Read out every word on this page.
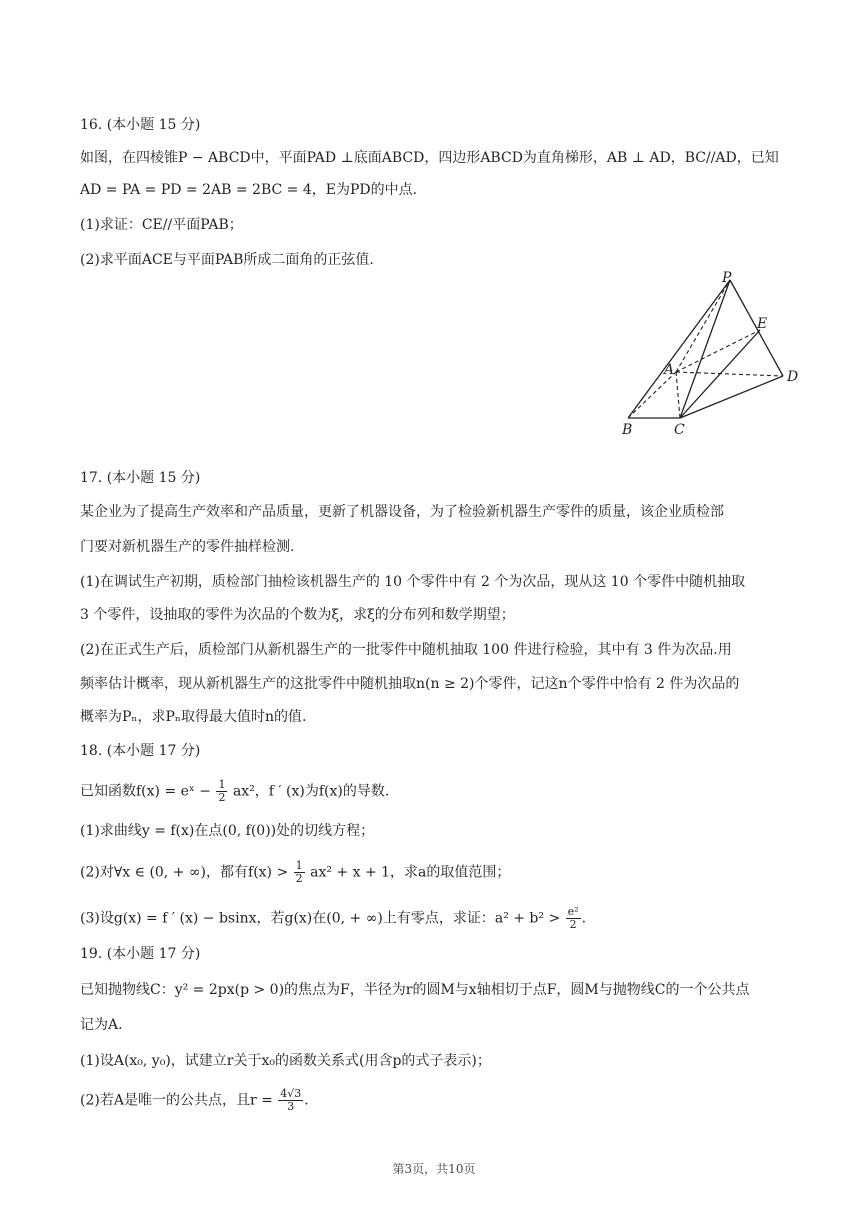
16. (本小题 15 分)
如图，在四棱锥P − ABCD中，平面PAD ⊥底面ABCD，四边形ABCD为直角梯形，AB ⊥ AD，BC//AD，已知
AD = PA = PD = 2AB = 2BC = 4，E为PD的中点.
(1)求证：CE//平面PAB；
(2)求平面ACE与平面PAB所成二面角的正弦值.
P
E
A	D
B	C
17. (本小题 15 分)
某企业为了提高生产效率和产品质量，更新了机器设备，为了检验新机器生产零件的质量，该企业质检部
门要对新机器生产的零件抽样检测.
(1)在调试生产初期，质检部门抽检该机器生产的 10 个零件中有 2 个为次品，现从这 10 个零件中随机抽取
3 个零件，设抽取的零件为次品的个数为ξ，求ξ的分布列和数学期望；
(2)在正式生产后，质检部门从新机器生产的一批零件中随机抽取 100 件进行检验，其中有 3 件为次品.用
频率估计概率，现从新机器生产的这批零件中随机抽取n(n ≥ 2)个零件，记这n个零件中恰有 2 件为次品的
概率为Pₙ，求Pₙ取得最大值时n的值.
18. (本小题 17 分)
已知函数f(x) = eˣ − $\frac{1}{2} ax^2$，f ′ (x)为f(x)的导数.
(1)求曲线y = f(x)在点(0, f(0))处的切线方程；
(2)对∀x ∈ (0, + ∞)，都有$f(x) > \frac{1}{2} ax^2 + x + 1$，求a的取值范围；
(3)设g(x) = f ′ (x) − bsinx，若g(x)在(0, + ∞)上有零点，求证：$a^2 + b^2 > \frac{\text{e²}}{2}$ .
19. (本小题 17 分)
已知抛物线C：y² = 2px(p > 0)的焦点为F，半径为r的圆M与x轴相切于点F，圆M与抛物线C的一个公共点
记为A.
(1)设A(x₀, y₀)，试建立r关于x₀的函数关系式(用含p的式子表示)；
(2)若A是唯一的公共点，且$r = \frac{4√3}{3}$ .
第3页，共10页
